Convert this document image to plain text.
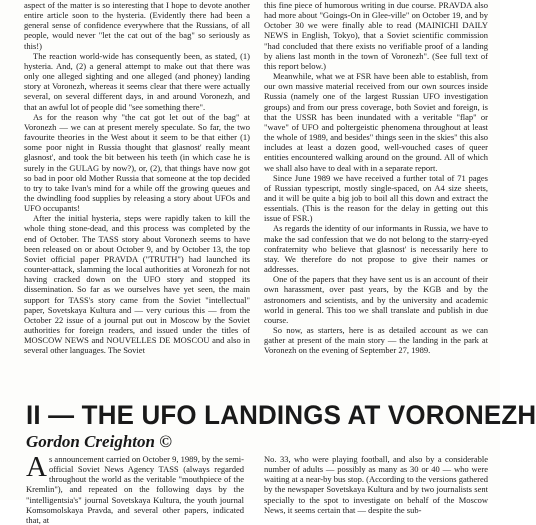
aspect of the matter is so interesting that I hope to devote another entire article soon to the hysteria. (Evidently there had been a general sense of confidence everywhere that the Russians, of all people, would never "let the cat out of the bag" so seriously as this!)

The reaction world-wide has consequently been, as stated, (1) hysteria. And, (2) a general attempt to make out that there was only one alleged sighting and one alleged (and phoney) landing story at Voronezh, whereas it seems clear that there were actually several, on several different days, in and around Voronezh, and that an awful lot of people did "see something there".

As for the reason why "the cat got let out of the bag" at Voronezh — we can at present merely speculate. So far, the two favourite theories in the West about it seem to be that either (1) some poor night in Russia thought that glasnost' really meant glasnost', and took the bit between his teeth (in which case he is surely in the GULAG by now?), or, (2), that things have now got so bad in poor old Mother Russia that someone at the top decided to try to take Ivan's mind for a while off the growing queues and the dwindling food supplies by releasing a story about UFOs and UFO occupants!

After the initial hysteria, steps were rapidly taken to kill the whole thing stone-dead, and this process was completed by the end of October. The TASS story about Voronezh seems to have been released on or about October 9, and by October 13, the top Soviet official paper PRAVDA ("TRUTH") had launched its counter-attack, slamming the local authorities at Voronezh for not having cracked down on the UFO story and stopped its dissemination. So far as we ourselves have yet seen, the main support for TASS's story came from the Soviet "intellectual" paper, Sovetskaya Kultura and — very curious this — from the October 22 issue of a journal put out in Moscow by the Soviet authorities for foreign readers, and issued under the titles of MOSCOW NEWS and NOUVELLES DE MOSCOU and also in several other languages. The Soviet

this fine piece of humorous writing in due course. PRAVDA also had more about "Goings-On in Glee-ville" on October 19, and by October 30 we were finally able to read (MAINICHI DAILY NEWS in English, Tokyo), that a Soviet scientific commission "had concluded that there exists no verifiable proof of a landing by aliens last month in the town of Voronezh". (See full text of this report below.)

Meanwhile, what we at FSR have been able to establish, from our own massive material received from our own sources inside Russia (namely one of the largest Russian UFO investigation groups) and from our press coverage, both Soviet and foreign, is that the USSR has been inundated with a veritable "flap" or "wave" of UFO and poltergeistic phenomena throughout at least the whole of 1989, and besides" things seen in the skies" this also includes at least a dozen good, well-vouched cases of queer entities encountered walking around on the ground. All of which we shall also have to deal with in a separate report.

Since June 1989 we have received a further total of 71 pages of Russian typescript, mostly single-spaced, on A4 size sheets, and it will be quite a big job to boil all this down and extract the essentials. (This is the reason for the delay in getting out this issue of FSR.)

As regards the identity of our informants in Russia, we have to make the sad confession that we do not belong to the starry-eyed confraternity who believe that glasnost' is necessarily here to stay. We therefore do not propose to give their names or addresses.

One of the papers that they have sent us is an account of their own harassment, over past years, by the KGB and by the astronomers and scientists, and by the university and academic world in general. This too we shall translate and publish in due course.

So now, as starters, here is as detailed account as we can gather at present of the main story — the landing in the park at Voronezh on the evening of September 27, 1989.

II — THE UFO LANDINGS AT VORONEZH
Gordon Creighton ©

As announcement carried on October 9, 1989, by the semi-official Soviet News Agency TASS (always regarded throughout the world as the veritable "mouthpiece of the Kremlin"), and repeated on the following days by the "intelligentsia's" journal Sovetskaya Kultura, the youth journal Komsomolskaya Pravda, and several other papers, indicated that, at

No. 33, who were playing football, and also by a considerable number of adults — possibly as many as 30 or 40 — who were waiting at a near-by bus stop. (According to the versions gathered by the newspaper Sovetskaya Kultura and by two journalists sent specially to the spot to investigate on behalf of the Moscow News, it seems certain that — despite the sub-
